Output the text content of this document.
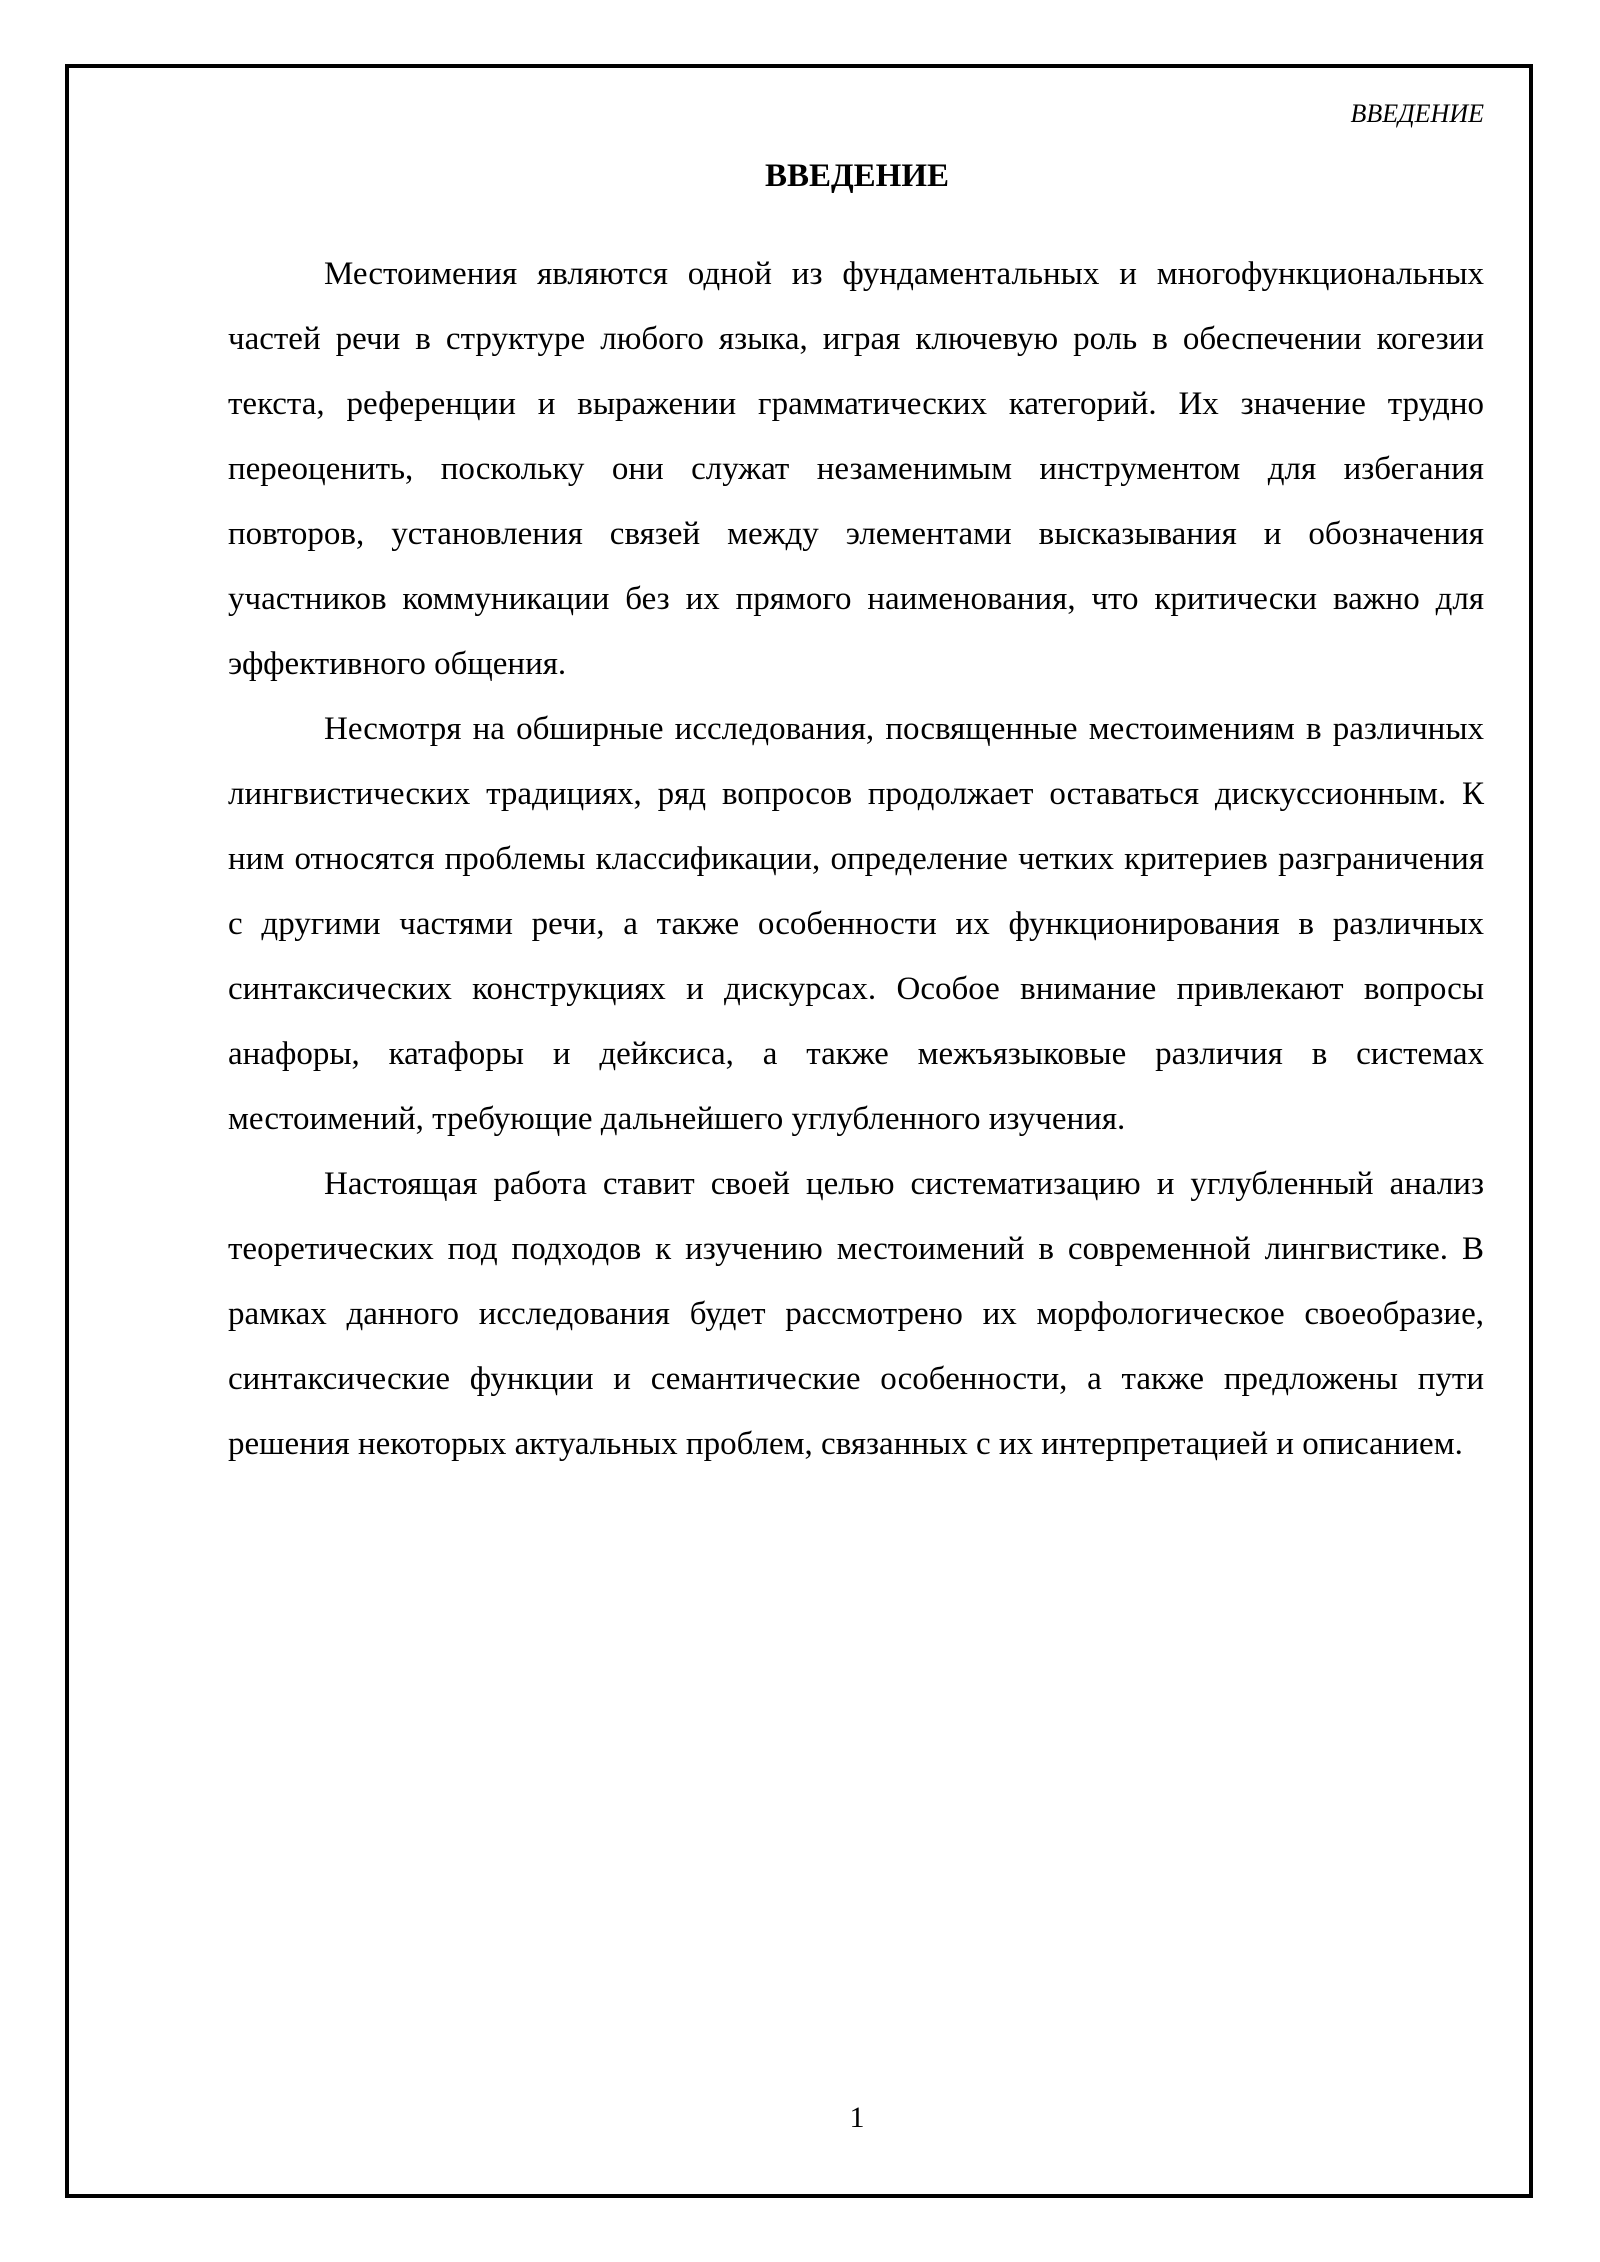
ВВЕДЕНИЕ
ВВЕДЕНИЕ

Местоимения являются одной из фундаментальных и многофункциональных частей речи в структуре любого языка, играя ключевую роль в обеспечении когезии текста, референции и выражении грамматических категорий. Их значение трудно переоценить, поскольку они служат незаменимым инструментом для избегания повторов, установления связей между элементами высказывания и обозначения участников коммуникации без их прямого наименования, что критически важно для эффективного общения.

Несмотря на обширные исследования, посвященные местоимениям в различных лингвистических традициях, ряд вопросов продолжает оставаться дискуссионным. К ним относятся проблемы классификации, определение четких критериев разграничения с другими частями речи, а также особенности их функционирования в различных синтаксических конструкциях и дискурсах. Особое внимание привлекают вопросы анафоры, катафоры и дейксиса, а также межъязыковые различия в системах местоимений, требующие дальнейшего углубленного изучения.

Настоящая работа ставит своей целью систематизацию и углубленный анализ теоретических под подходов к изучению местоимений в современной лингвистике. В рамках данного исследования будет рассмотрено их морфологическое своеобразие, синтаксические функции и семантические особенности, а также предложены пути решения некоторых актуальных проблем, связанных с их интерпретацией и описанием.

1
